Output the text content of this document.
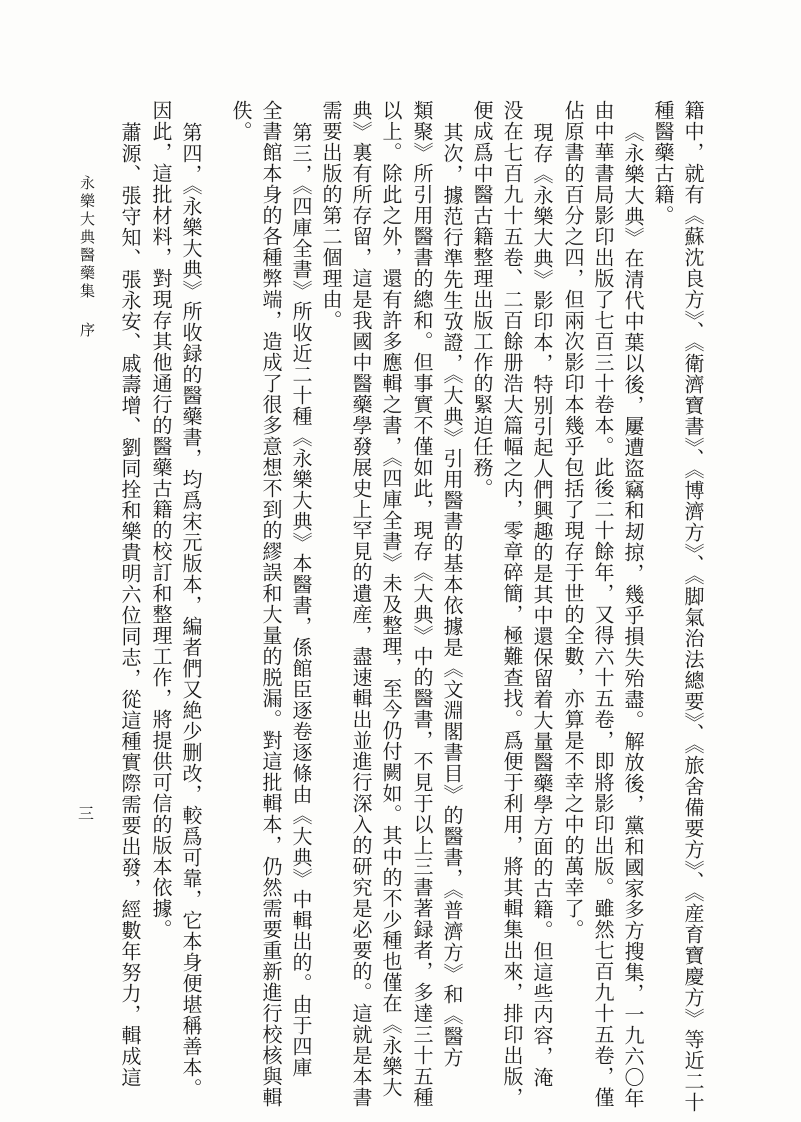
籍中，就有《蘇沈良方》、《衛濟寶書》、《博濟方》、《脚氣治法總要》、《旅舍備要方》、《産育寶慶方》等近二十
種醫藥古籍。
《永樂大典》在清代中葉以後，屢遭盜竊和刼掠，幾乎損失殆盡。解放後，黨和國家多方搜集，一九六〇年
由中華書局影印出版了七百三十卷本。此後二十餘年，又得六十五卷，即將影印出版。雖然七百九十五卷，僅
佔原書的百分之四，但兩次影印本幾乎包括了現存于世的全數，亦算是不幸之中的萬幸了。
現存《永樂大典》影印本，特别引起人們興趣的是其中還保留着大量醫藥學方面的古籍。但這些内容，淹
没在七百九十五卷、二百餘册浩大篇幅之内，零章碎簡，極難查找。爲便于利用，將其輯集出來，排印出版，
便成爲中醫古籍整理出版工作的緊迫任務。
其次，據范行準先生攷證，《大典》引用醫書的基本依據是《文淵閣書目》的醫書，《普濟方》和《醫方
類聚》所引用醫書的總和。但事實不僅如此，現存《大典》中的醫書，不見于以上三書著録者，多達三十五種
以上。除此之外，還有許多應輯之書，《四庫全書》未及整理，至今仍付闕如。其中的不少種也僅在《永樂大
典》裏有所存留，這是我國中醫藥學發展史上罕見的遺産，盡速輯出並進行深入的研究是必要的。這就是本書
需要出版的第二個理由。
第三，《四庫全書》所收近二十種《永樂大典》本醫書，係館臣逐卷逐條由《大典》中輯出的。由于四庫
全書館本身的各種弊端，造成了很多意想不到的繆誤和大量的脱漏。對這批輯本，仍然需要重新進行校核與輯
佚。
第四，《永樂大典》所收録的醫藥書，均爲宋元版本，編者們又絶少删改，較爲可靠，它本身便堪稱善本。
因此，這批材料，對現存其他通行的醫藥古籍的校訂和整理工作，將提供可信的版本依據。
蕭源、張守知、張永安、戚壽增、劉同拴和樂貴明六位同志，從這種實際需要出發，經數年努力，輯成這
永樂大典醫藥集
序
三
